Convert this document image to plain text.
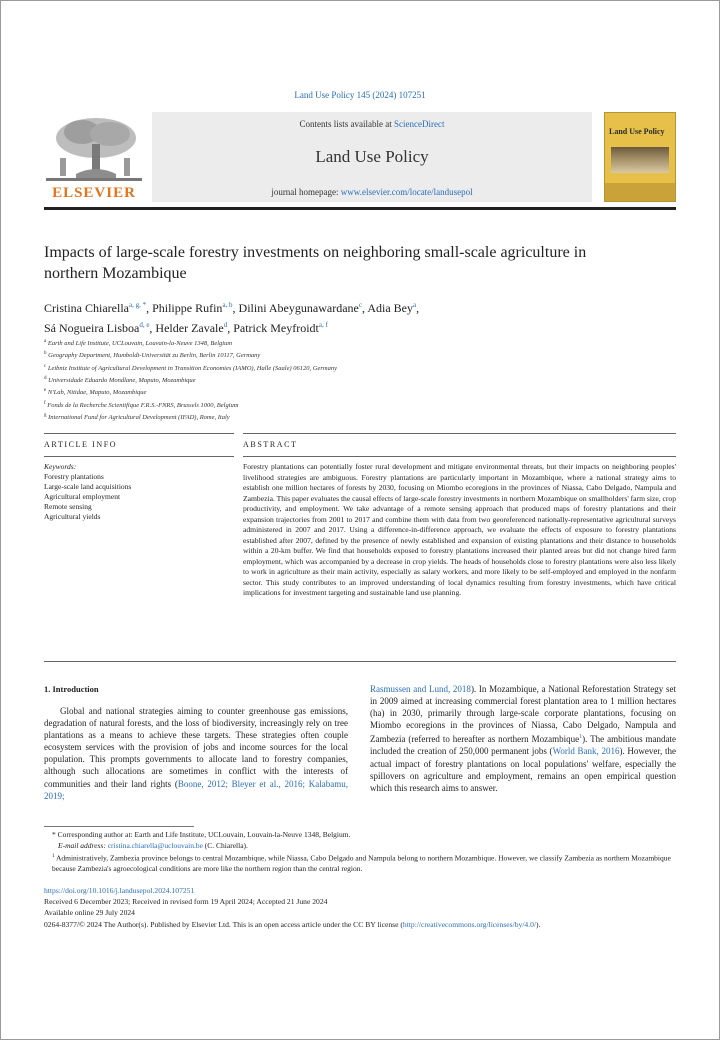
Land Use Policy 145 (2024) 107251
ELSEVIER
Contents lists available at ScienceDirect
Land Use Policy
journal homepage: www.elsevier.com/locate/landusepol
Land Use Policy
Impacts of large-scale forestry investments on neighboring small-scale agriculture in northern Mozambique
Cristina Chiarella$^{a, g, *}$, Philippe Rufin$^{a, b}$, Dilini Abeygunawardane$^c$, Adia Bey$^a$,
Sá Nogueira Lisboa$^{d, e}$, Helder Zavale$^d$, Patrick Meyfroidt$^{a, f}$
$^a$ Earth and Life Institute, UCLouvain, Louvain-la-Neuve 1348, Belgium
$^b$ Geography Department, Humboldt-Universität zu Berlin, Berlin 10117, Germany
$^c$ Leibniz Institute of Agricultural Development in Transition Economies (IAMO), Halle (Saale) 06120, Germany
$^d$ Universidade Eduardo Mondlane, Maputo, Mozambique
$^e$ N'Lab, Nitidae, Maputo, Mozambique
$^f$ Fonds de la Recherche Scientifique F.R.S.-FNRS, Brussels 1000, Belgium
$^g$ International Fund for Agricultural Development (IFAD), Rome, Italy
ARTICLE INFO	ABSTRACT
Keywords:
Forestry plantations
Large-scale land acquisitions
Agricultural employment
Remote sensing
Agricultural yields
Forestry plantations can potentially foster rural development and mitigate environmental threats, but their impacts on neighboring peoples' livelihood strategies are ambiguous. Forestry plantations are particularly important in Mozambique, where a national strategy aims to establish one million hectares of forests by 2030, focusing on Miombo ecoregions in the provinces of Niassa, Cabo Delgado, Nampula and Zambezia. This paper evaluates the causal effects of large-scale forestry investments in northern Mozambique on smallholders' farm size, crop productivity, and employment. We take advantage of a remote sensing approach that produced maps of forestry plantations and their expansion trajectories from 2001 to 2017 and combine them with data from two georeferenced nationally-representative agricultural surveys administered in 2007 and 2017. Using a difference-in-difference approach, we evaluate the effects of exposure to forestry plantations established after 2007, defined by the presence of newly established and expansion of existing plantations and their distance to households within a 20-km buffer. We find that households exposed to forestry plantations increased their planted areas but did not change hired farm employment, which was accompanied by a decrease in crop yields. The heads of households close to forestry plantations were also less likely to work in agriculture as their main activity, especially as salary workers, and more likely to be self-employed and employed in the nonfarm sector. This study contributes to an improved understanding of local dynamics resulting from forestry investments, which have critical implications for investment targeting and sustainable land use planning.
1. Introduction
Global and national strategies aiming to counter greenhouse gas emissions, degradation of natural forests, and the loss of biodiversity, increasingly rely on tree plantations as a means to achieve these targets. These strategies often couple ecosystem services with the provision of jobs and income sources for the local population. This prompts governments to allocate land to forestry companies, although such allocations are sometimes in conflict with the interests of communities and their land rights (Boone, 2012; Bleyer et al., 2016; Kalabamu, 2019;
Rasmussen and Lund, 2018). In Mozambique, a National Reforestation Strategy set in 2009 aimed at increasing commercial forest plantation area to 1 million hectares (ha) in 2030, primarily through large-scale corporate plantations, focusing on Miombo ecoregions in the provinces of Niassa, Cabo Delgado, Nampula and Zambezia (referred to hereafter as northern Mozambique$^1$). The ambitious mandate included the creation of 250,000 permanent jobs (World Bank, 2016). However, the actual impact of forestry plantations on local populations' welfare, especially the spillovers on agriculture and employment, remains an open empirical question which this research aims to answer.
* Corresponding author at: Earth and Life Institute, UCLouvain, Louvain-la-Neuve 1348, Belgium.
E-mail address: cristina.chiarella@uclouvain.be (C. Chiarella).
$^1$ Administratively, Zambezia province belongs to central Mozambique, while Niassa, Cabo Delgado and Nampula belong to northern Mozambique. However, we classify Zambezia as northern Mozambique because Zambezia's agroecological conditions are more like the northern region than the central region.
https://doi.org/10.1016/j.landusepol.2024.107251
Received 6 December 2023; Received in revised form 19 April 2024; Accepted 21 June 2024
Available online 29 July 2024
0264-8377/© 2024 The Author(s). Published by Elsevier Ltd. This is an open access article under the CC BY license (http://creativecommons.org/licenses/by/4.0/).
